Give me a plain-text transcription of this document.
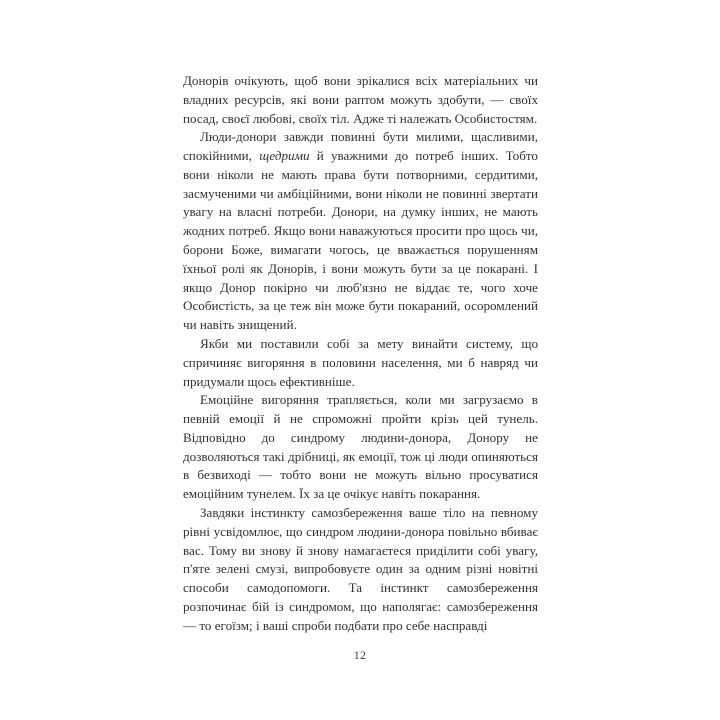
Донорів очікують, щоб вони зрікалися всіх матеріальних чи владних ресурсів, які вони раптом можуть здобути, — своїх посад, своєї любові, своїх тіл. Адже ті належать Особистостям.

Люди-донори завжди повинні бути милими, щасливими, спокійними, щедрими й уважними до потреб інших. Тобто вони ніколи не мають права бути потворними, сердитими, засмученими чи амбіційними, вони ніколи не повинні звертати увагу на власні потреби. Донори, на думку інших, не мають жодних потреб. Якщо вони наважуються просити про щось чи, борони Боже, вимагати чогось, це вважається порушенням їхньої ролі як Донорів, і вони можуть бути за це покарані. І якщо Донор покірно чи люб'язно не віддає те, чого хоче Особистість, за це теж він може бути покараний, осоромлений чи навіть знищений.

Якби ми поставили собі за мету винайти систему, що спричиняє вигоряння в половини населення, ми б навряд чи придумали щось ефективніше.

Емоційне вигоряння трапляється, коли ми загрузаємо в певній емоції й не спроможні пройти крізь цей тунель. Відповідно до синдрому людини-донора, Донору не дозволяються такі дрібниці, як емоції, тож ці люди опиняються в безвиході — тобто вони не можуть вільно просуватися емоційним тунелем. Їх за це очікує навіть покарання.

Завдяки інстинкту самозбереження ваше тіло на певному рівні усвідомлює, що синдром людини-донора повільно вбиває вас. Тому ви знову й знову намагаєтеся приділити собі увагу, п'яте зелені смузі, випробовуєте один за одним різні новітні способи самодопомоги. Та інстинкт самозбереження розпочинає бій із синдромом, що наполягає: самозбереження — то егоїзм; і ваші спроби подбати про себе насправді

12
